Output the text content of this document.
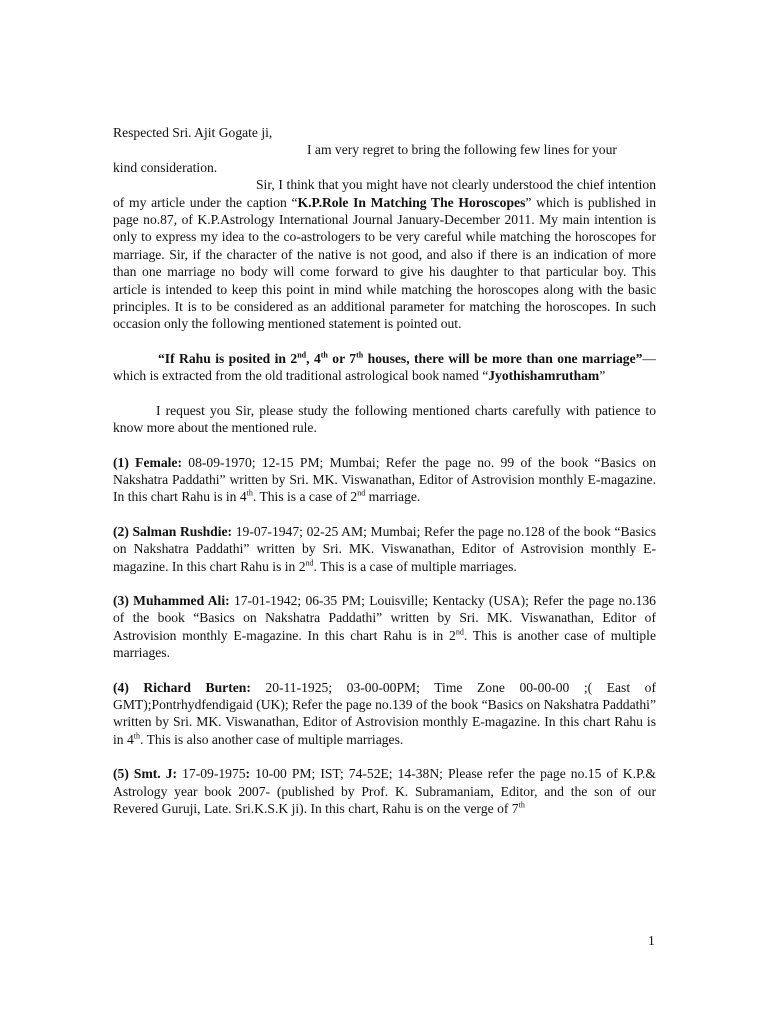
Respected Sri. Ajit Gogate ji,

I am very regret to bring the following few lines for your

kind consideration.

Sir, I think that you might have not clearly understood the chief intention of my article under the caption “K.P.Role In Matching The Horoscopes” which is published in page no.87, of K.P.Astrology International Journal January-December 2011. My main intention is only to express my idea to the co-astrologers to be very careful while matching the horoscopes for marriage. Sir, if the character of the native is not good, and also if there is an indication of more than one marriage no body will come forward to give his daughter to that particular boy. This article is intended to keep this point in mind while matching the horoscopes along with the basic principles. It is to be considered as an additional parameter for matching the horoscopes. In such occasion only the following mentioned statement is pointed out.

“If Rahu is posited in 2nd, 4th or 7th houses, there will be more than one marriage”—which is extracted from the old traditional astrological book named “Jyothishamrutham”

I request you Sir, please study the following mentioned charts carefully with patience to know more about the mentioned rule.

(1) Female: 08-09-1970; 12-15 PM; Mumbai; Refer the page no. 99 of the book “Basics on Nakshatra Paddathi” written by Sri. MK. Viswanathan, Editor of Astrovision monthly E-magazine. In this chart Rahu is in 4th. This is a case of 2nd marriage.

(2) Salman Rushdie: 19-07-1947; 02-25 AM; Mumbai; Refer the page no.128 of the book “Basics on Nakshatra Paddathi” written by Sri. MK. Viswanathan, Editor of Astrovision monthly E-magazine. In this chart Rahu is in 2nd. This is a case of multiple marriages.

(3) Muhammed Ali: 17-01-1942; 06-35 PM; Louisville; Kentacky (USA); Refer the page no.136 of the book “Basics on Nakshatra Paddathi” written by Sri. MK. Viswanathan, Editor of Astrovision monthly E-magazine. In this chart Rahu is in 2nd. This is another case of multiple marriages.

(4) Richard Burten: 20-11-1925; 03-00-00PM; Time Zone 00-00-00 ;( East of GMT);Pontrhydfendigaid (UK); Refer the page no.139 of the book “Basics on Nakshatra Paddathi” written by Sri. MK. Viswanathan, Editor of Astrovision monthly E-magazine. In this chart Rahu is in 4th. This is also another case of multiple marriages.

(5) Smt. J: 17-09-1975: 10-00 PM; IST; 74-52E; 14-38N; Please refer the page no.15 of K.P.& Astrology year book 2007- (published by Prof. K. Subramaniam, Editor, and the son of our Revered Guruji, Late. Sri.K.S.K ji). In this chart, Rahu is on the verge of 7th

1
